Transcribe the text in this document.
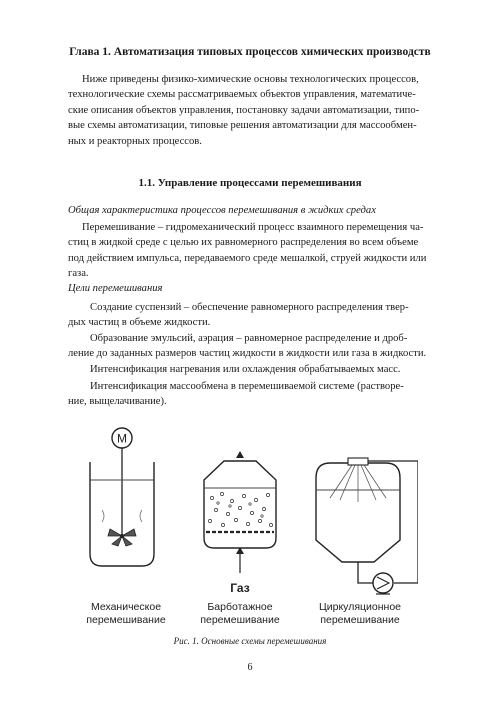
Глава 1. Автоматизация типовых процессов химических производств
Ниже приведены физико-химические основы технологических процессов,
технологические схемы рассматриваемых объектов управления, математиче-
ские описания объектов управления, постановку задачи автоматизации, типо-
вые схемы автоматизации, типовые решения автоматизации для массообмен-
ных и реакторных процессов.
1.1. Управление процессами перемешивания
Общая характеристика процессов перемешивания в жидких средах
Перемешивание – гидромеханический процесс взаимного перемещения ча-
стиц в жидкой среде с целью их равномерного распределения во всем объеме
под действием импульса, передаваемого среде мешалкой, струей жидкости или
газа.
Цели перемешивания
Создание суспензий – обеспечение равномерного распределения твер-
дых частиц в объеме жидкости.
Образование эмульсий, аэрация – равномерное распределение и дроб-
ление до заданных размеров частиц жидкости в жидкости или газа в жидкости.
Интенсификация нагревания или охлаждения обрабатываемых масс.
Интенсификация массообмена в перемешиваемой системе (растворе-
ние, выщелачивание).
М
Газ
Механическое
перемешивание
Барботажное
перемешивание
Циркуляционное
перемешивание
Рис. 1. Основные схемы перемешивания
6
